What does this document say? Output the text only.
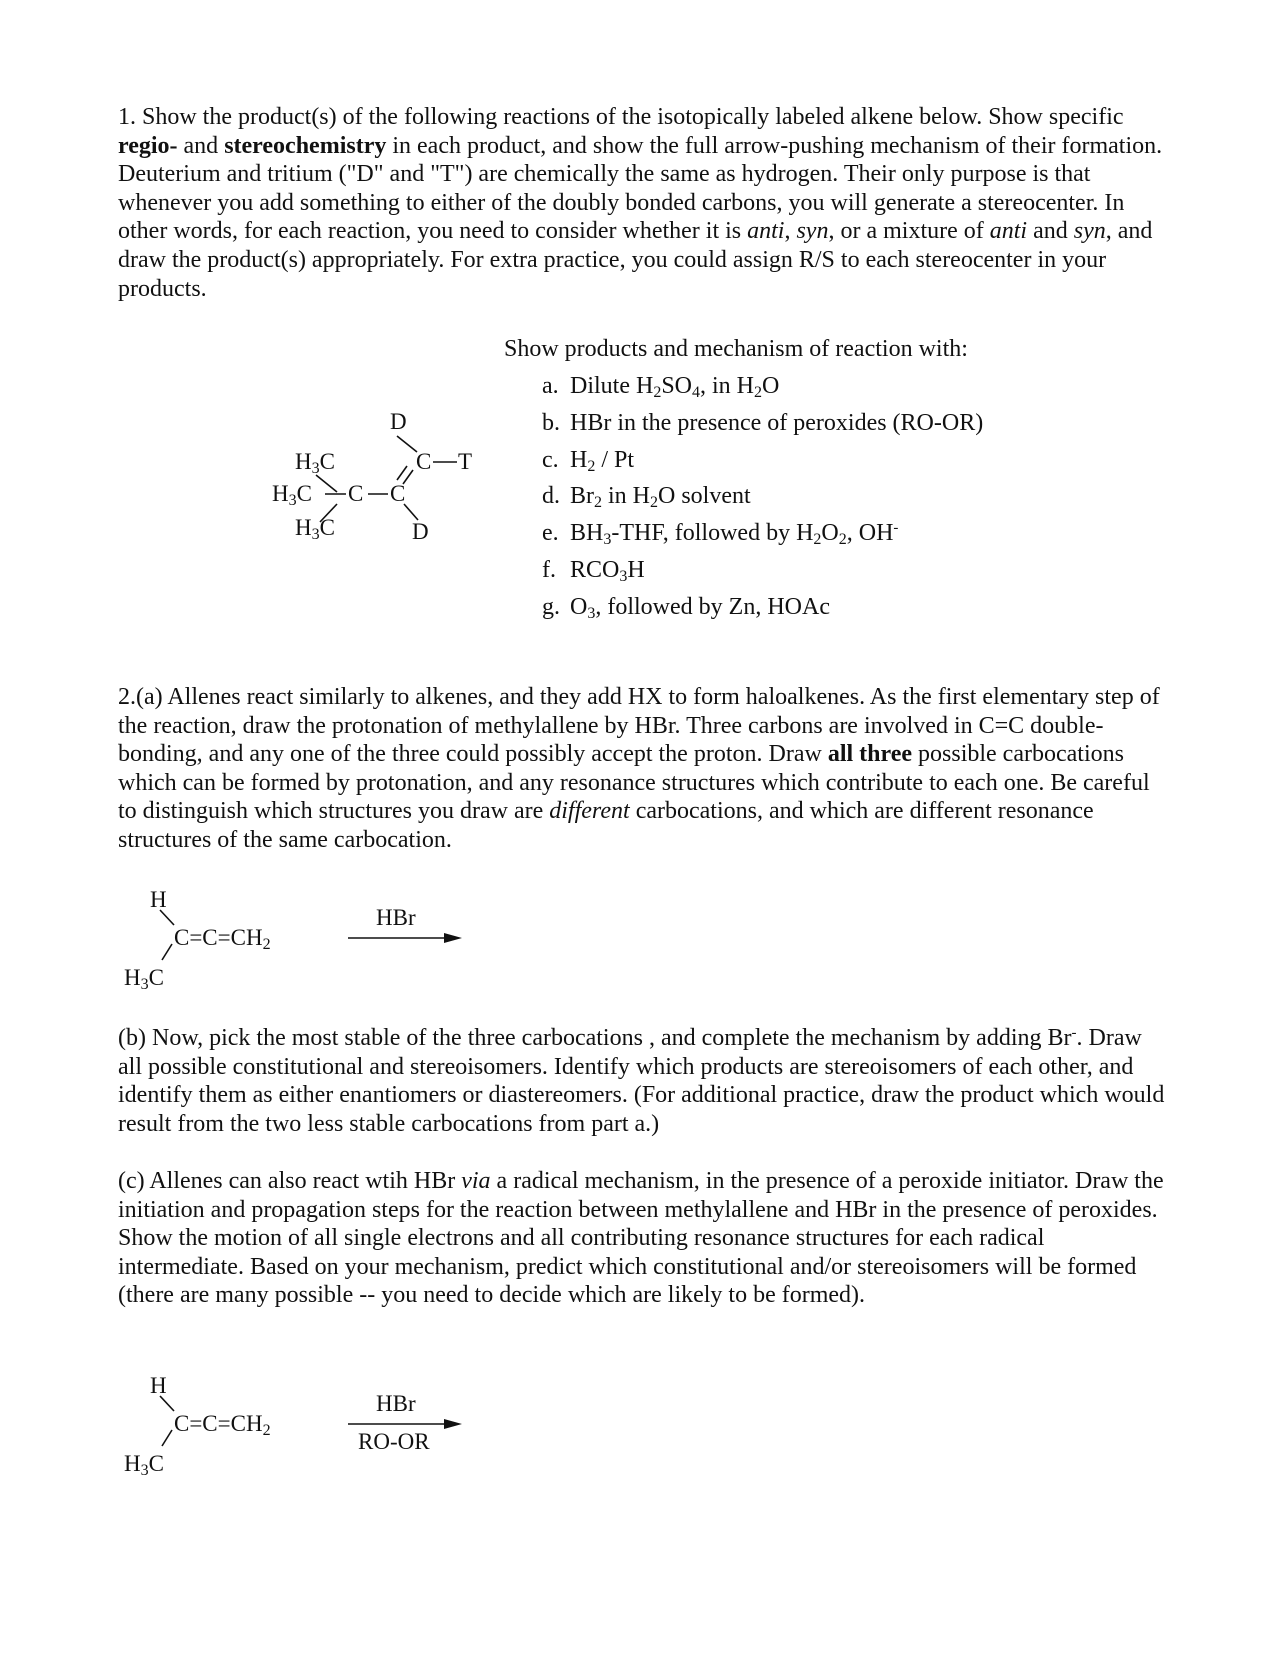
1. Show the product(s) of the following reactions of the isotopically labeled alkene below. Show specific regio- and stereochemistry in each product, and show the full arrow-pushing mechanism of their formation. Deuterium and tritium ("D" and "T") are chemically the same as hydrogen. Their only purpose is that whenever you add something to either of the doubly bonded carbons, you will generate a stereocenter. In other words, for each reaction, you need to consider whether it is anti, syn, or a mixture of anti and syn, and draw the product(s) appropriately. For extra practice, you could assign R/S to each stereocenter in your products.

$H_3C$
$H_3C$ C C
$H_3C$
D
C T
D
Show products and mechanism of reaction with:
a. Dilute $H_2SO_4$, in $H_2O$
b. HBr in the presence of peroxides (RO-OR)
c. $H_2$ / Pt
d. $Br_2$ in $H_2O$ solvent
e. $BH_3$-THF, followed by $H_2O_2$, OH-
f. $RCO_3H$
g. $O_3$, followed by Zn, HOAc

2.(a) Allenes react similarly to alkenes, and they add HX to form haloalkenes. As the first elementary step of the reaction, draw the protonation of methylallene by HBr. Three carbons are involved in C=C double-bonding, and any one of the three could possibly accept the proton. Draw all three possible carbocations which can be formed by protonation, and any resonance structures which contribute to each one. Be careful to distinguish which structures you draw are different carbocations, and which are different resonance structures of the same carbocation.

H
$C=C=CH_2$
$H_3C$
HBr

(b) Now, pick the most stable of the three carbocations , and complete the mechanism by adding Br-. Draw all possible constitutional and stereoisomers. Identify which products are stereoisomers of each other, and identify them as either enantiomers or diastereomers. (For additional practice, draw the product which would result from the two less stable carbocations from part a.)

(c) Allenes can also react wtih HBr via a radical mechanism, in the presence of a peroxide initiator. Draw the initiation and propagation steps for the reaction between methylallene and HBr in the presence of peroxides. Show the motion of all single electrons and all contributing resonance structures for each radical intermediate. Based on your mechanism, predict which constitutional and/or stereoisomers will be formed (there are many possible -- you need to decide which are likely to be formed).

H
$C=C=CH_2$
$H_3C$
HBr
RO-OR
